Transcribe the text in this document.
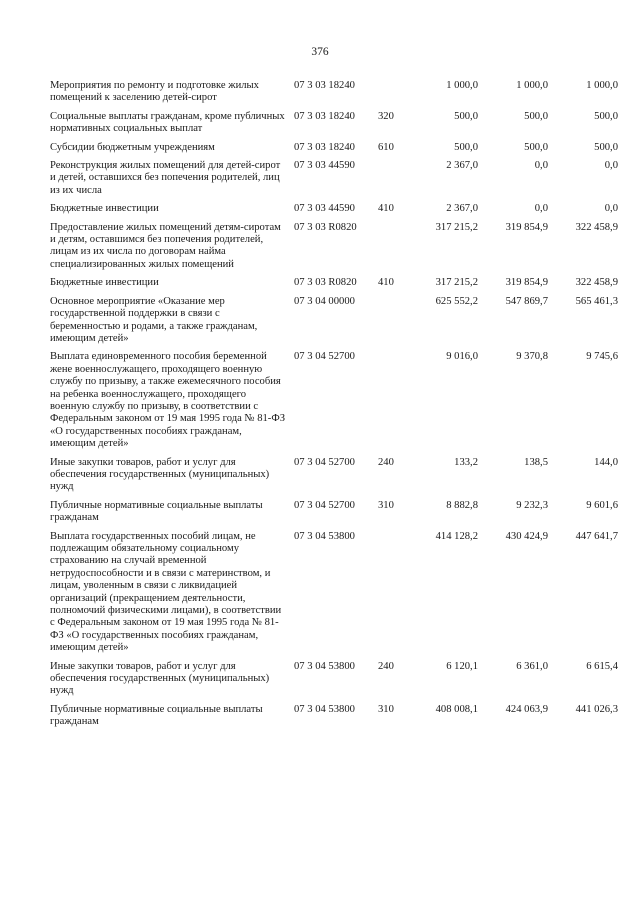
376
Мероприятия по ремонту и подготовке жилых помещений к заселению детей-сирот
07 3 03 18240	1 000,0	1 000,0	1 000,0
Социальные выплаты гражданам, кроме публичных нормативных социальных выплат
07 3 03 18240	320	500,0	500,0	500,0
Субсидии бюджетным учреждениям	07 3 03 18240	610	500,0	500,0	500,0
Реконструкция жилых помещений для детей-сирот и детей, оставшихся без попечения родителей, лиц из их числа
07 3 03 44590	2 367,0	0,0	0,0
Бюджетные инвестиции	07 3 03 44590	410	2 367,0	0,0	0,0
Предоставление жилых помещений детям-сиротам и детям, оставшимся без попечения родителей, лицам из их числа по договорам найма специализированных жилых помещений
07 3 03 R0820	317 215,2	319 854,9	322 458,9
Бюджетные инвестиции	07 3 03 R0820	410	317 215,2	319 854,9	322 458,9
Основное мероприятие «Оказание мер государственной поддержки в связи с беременностью и родами, а также гражданам, имеющим детей»
07 3 04 00000	625 552,2	547 869,7	565 461,3
Выплата единовременного пособия беременной жене военнослужащего, проходящего военную службу по призыву, а также ежемесячного пособия на ребенка военнослужащего, проходящего военную службу по призыву, в соответствии с Федеральным законом от 19 мая 1995 года № 81-ФЗ «О государственных пособиях гражданам, имеющим детей»
07 3 04 52700	9 016,0	9 370,8	9 745,6
Иные закупки товаров, работ и услуг для обеспечения государственных (муниципальных) нужд
07 3 04 52700	240	133,2	138,5	144,0
Публичные нормативные социальные выплаты гражданам
07 3 04 52700	310	8 882,8	9 232,3	9 601,6
Выплата государственных пособий лицам, не подлежащим обязательному социальному страхованию на случай временной нетрудоспособности и в связи с материнством, и лицам, уволенным в связи с ликвидацией организаций (прекращением деятельности, полномочий физическими лицами), в соответствии с Федеральным законом от 19 мая 1995 года № 81-ФЗ «О государственных пособиях гражданам, имеющим детей»
07 3 04 53800	414 128,2	430 424,9	447 641,7
Иные закупки товаров, работ и услуг для обеспечения государственных (муниципальных) нужд
07 3 04 53800	240	6 120,1	6 361,0	6 615,4
Публичные нормативные социальные выплаты гражданам
07 3 04 53800	310	408 008,1	424 063,9	441 026,3
